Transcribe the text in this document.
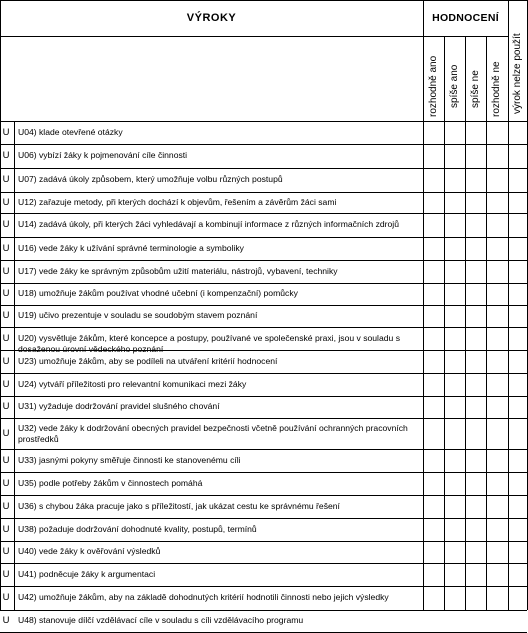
VÝROKY	HODNOCENÍ
rozhodně ano spíše ano spíše ne rozhodně ne výrok nelze použít
U U04) klade otevřené otázky
U U06) vybízí žáky k pojmenování cíle činnosti
U U07) zadává úkoly způsobem, který umožňuje volbu různých postupů
U U12) zařazuje metody, při kterých dochází k objevům, řešením a závěrům žáci sami
U U14) zadává úkoly, při kterých žáci vyhledávají a kombinují informace z různých informačních zdrojů
U U16) vede žáky k užívání správné terminologie a symboliky
U U17) vede žáky ke správným způsobům užití materiálu, nástrojů, vybavení, techniky
U U18) umožňuje žákům používat vhodné učební (i kompenzační) pomůcky
U U19) učivo prezentuje v souladu se soudobým stavem poznání
U U20) vysvětluje žákům, které koncepce a postupy, používané ve společenské praxi, jsou v souladu s dosaženou úrovní vědeckého poznání
U U23) umožňuje žákům, aby se podíleli na utváření kritérií hodnocení
U U24) vytváří příležitosti pro relevantní komunikaci mezi žáky
U U31) vyžaduje dodržování pravidel slušného chování
U U32) vede žáky k dodržování obecných pravidel bezpečnosti včetně používání ochranných pracovních prostředků
U U33) jasnými pokyny směřuje činnosti ke stanovenému cíli
U U35) podle potřeby žákům v činnostech pomáhá
U U36) s chybou žáka pracuje jako s příležitostí, jak ukázat cestu ke správnému řešení
U U38) požaduje dodržování dohodnuté kvality, postupů, termínů
U U40) vede žáky k ověřování výsledků
U U41) podněcuje žáky k argumentaci
U U42) umožňuje žákům, aby na základě dohodnutých kritérií hodnotili činnosti nebo jejich výsledky
U U48) stanovuje dílčí vzdělávací cíle v souladu s cíli vzdělávacího programu
